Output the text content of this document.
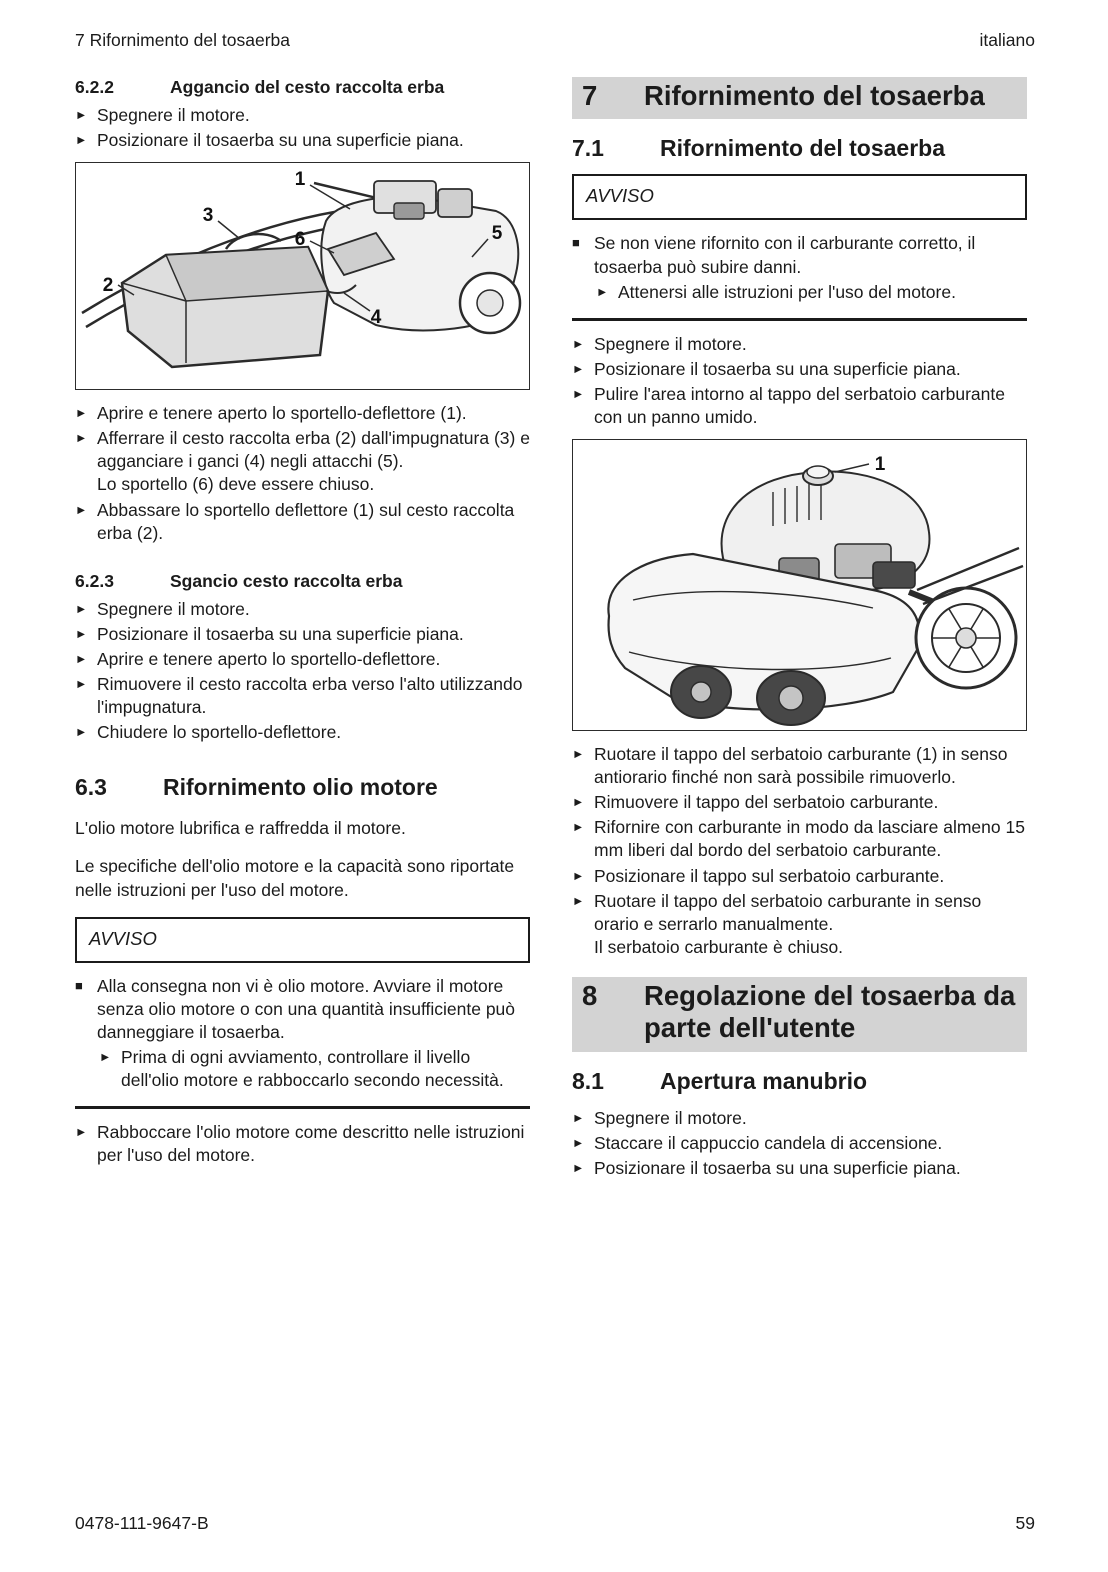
7 Rifornimento del tosaerba	italiano
6.2.2	Aggancio del cesto raccolta erba
► Spegnere il motore.
► Posizionare il tosaerba su una superficie piana.
1
3
6	5
2
4
► Aprire e tenere aperto lo sportello-deflettore (1).
► Afferrare il cesto raccolta erba (2) dall'impugnatura (3) e agganciare i ganci (4) negli attacchi (5).
Lo sportello (6) deve essere chiuso.
► Abbassare lo sportello deflettore (1) sul cesto raccolta erba (2).
6.2.3	Sgancio cesto raccolta erba
► Spegnere il motore.
► Posizionare il tosaerba su una superficie piana.
► Aprire e tenere aperto lo sportello-deflettore.
► Rimuovere il cesto raccolta erba verso l'alto utilizzando l'impugnatura.
► Chiudere lo sportello-deflettore.
6.3	Rifornimento olio motore

L'olio motore lubrifica e raffredda il motore.

Le specifiche dell'olio motore e la capacità sono riportate nelle istruzioni per l'uso del motore.

AVVISO
■ Alla consegna non vi è olio motore. Avviare il motore senza olio motore o con una quantità insufficiente può danneggiare il tosaerba.
► Prima di ogni avviamento, controllare il livello dell'olio motore e rabboccarlo secondo necessità.
► Rabboccare l'olio motore come descritto nelle istruzioni per l'uso del motore.
7	Rifornimento del tosaerba
7.1	Rifornimento del tosaerba
AVVISO
■ Se non viene rifornito con il carburante corretto, il tosaerba può subire danni.
► Attenersi alle istruzioni per l'uso del motore.
► Spegnere il motore.
► Posizionare il tosaerba su una superficie piana.
► Pulire l'area intorno al tappo del serbatoio carburante con un panno umido.
1
► Ruotare il tappo del serbatoio carburante (1) in senso antiorario finché non sarà possibile rimuoverlo.
► Rimuovere il tappo del serbatoio carburante.
► Rifornire con carburante in modo da lasciare almeno 15 mm liberi dal bordo del serbatoio carburante.
► Posizionare il tappo sul serbatoio carburante.
► Ruotare il tappo del serbatoio carburante in senso orario e serrarlo manualmente.
Il serbatoio carburante è chiuso.
8	Regolazione del tosaerba da parte dell'utente
8.1	Apertura manubrio
► Spegnere il motore.
► Staccare il cappuccio candela di accensione.
► Posizionare il tosaerba su una superficie piana.
0478-111-9647-B	59
